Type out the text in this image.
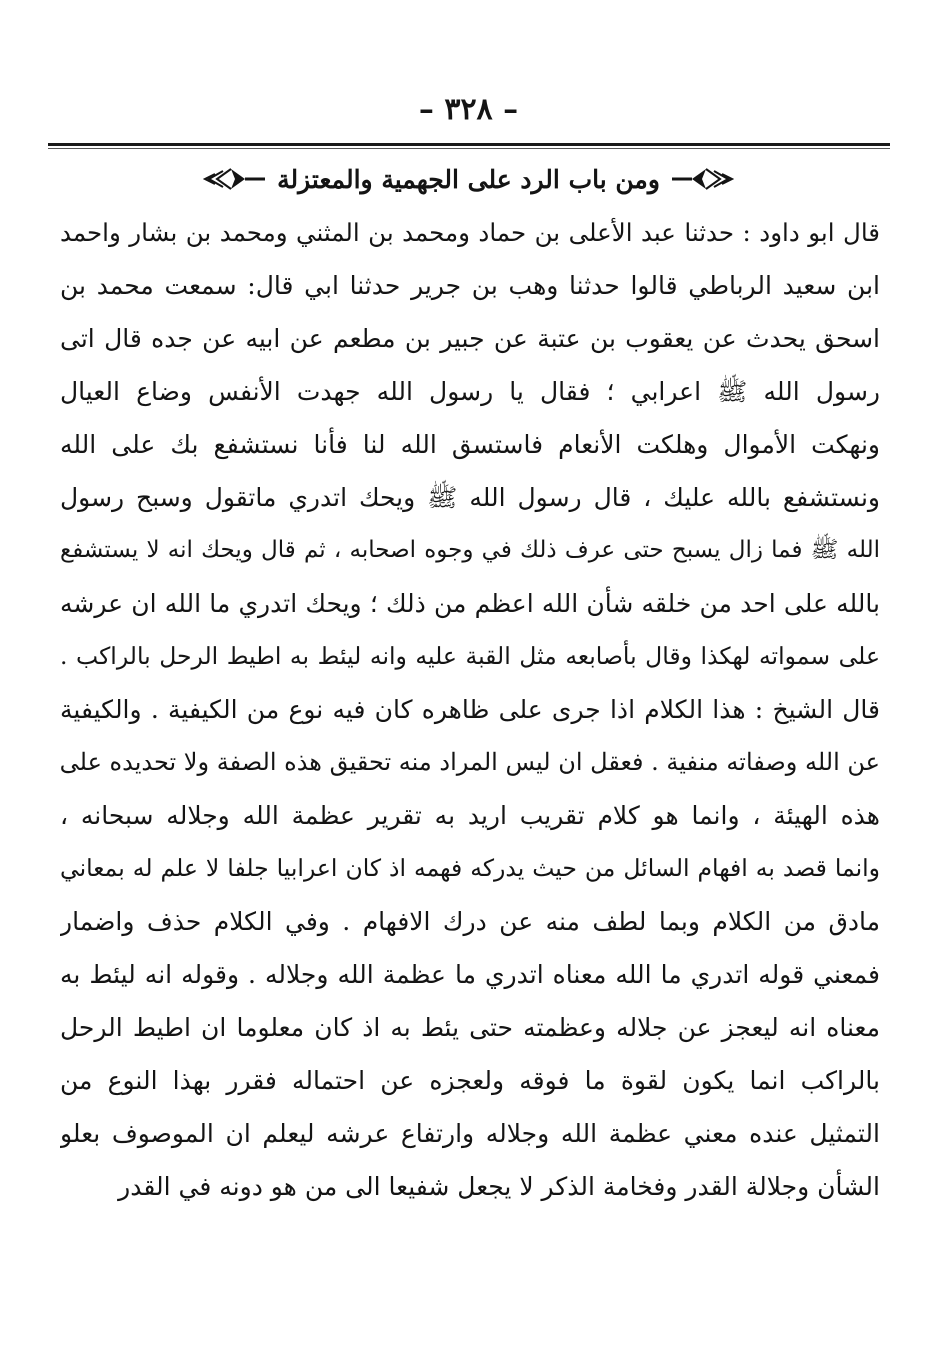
– ٣٢٨ –
ومن باب الرد على الجهمية والمعتزلة
قال ابو داود : حدثنا عبد الأعلى بن حماد ومحمد بن المثني ومحمد بن بشار واحمد
ابن سعيد الرباطي قالوا حدثنا وهب بن جرير حدثنا ابي قال: سمعت محمد بن
اسحق يحدث عن يعقوب بن عتبة عن جبير بن مطعم عن ابيه عن جده قال اتى
رسول الله ﷺ اعرابي ؛ فقال يا رسول الله جهدت الأنفس وضاع العيال
ونهكت الأموال وهلكت الأنعام فاستسق الله لنا فأنا نستشفع بك على الله
ونستشفع بالله عليك ، قال رسول الله ﷺ ويحك اتدري ماتقول وسبح رسول
الله ﷺ فما زال يسبح حتى عرف ذلك في وجوه اصحابه ، ثم قال ويحك انه لا يستشفع
بالله على احد من خلقه شأن الله اعظم من ذلك ؛ ويحك اتدري ما الله ان عرشه
على سمواته لهكذا وقال بأصابعه مثل القبة عليه وانه ليئط به اطيط الرحل بالراكب .
قال الشيخ : هذا الكلام اذا جرى على ظاهره كان فيه نوع من الكيفية . والكيفية
عن الله وصفاته منفية . فعقل ان ليس المراد منه تحقيق هذه الصفة ولا تحديده على
هذه الهيئة ، وانما هو كلام تقريب اريد به تقرير عظمة الله وجلاله سبحانه ،
وانما قصد به افهام السائل من حيث يدركه فهمه اذ كان اعرابيا جلفا لا علم له بمعاني
مادق من الكلام وبما لطف منه عن درك الافهام . وفي الكلام حذف واضمار
فمعني قوله اتدري ما الله معناه اتدري ما عظمة الله وجلاله . وقوله انه ليئط به
معناه انه ليعجز عن جلاله وعظمته حتى يئط به اذ كان معلوما ان اطيط الرحل
بالراكب انما يكون لقوة ما فوقه ولعجزه عن احتماله فقرر بهذا النوع من
التمثيل عنده معني عظمة الله وجلاله وارتفاع عرشه ليعلم ان الموصوف بعلو
الشأن وجلالة القدر وفخامة الذكر لا يجعل شفيعا الى من هو دونه في القدر
